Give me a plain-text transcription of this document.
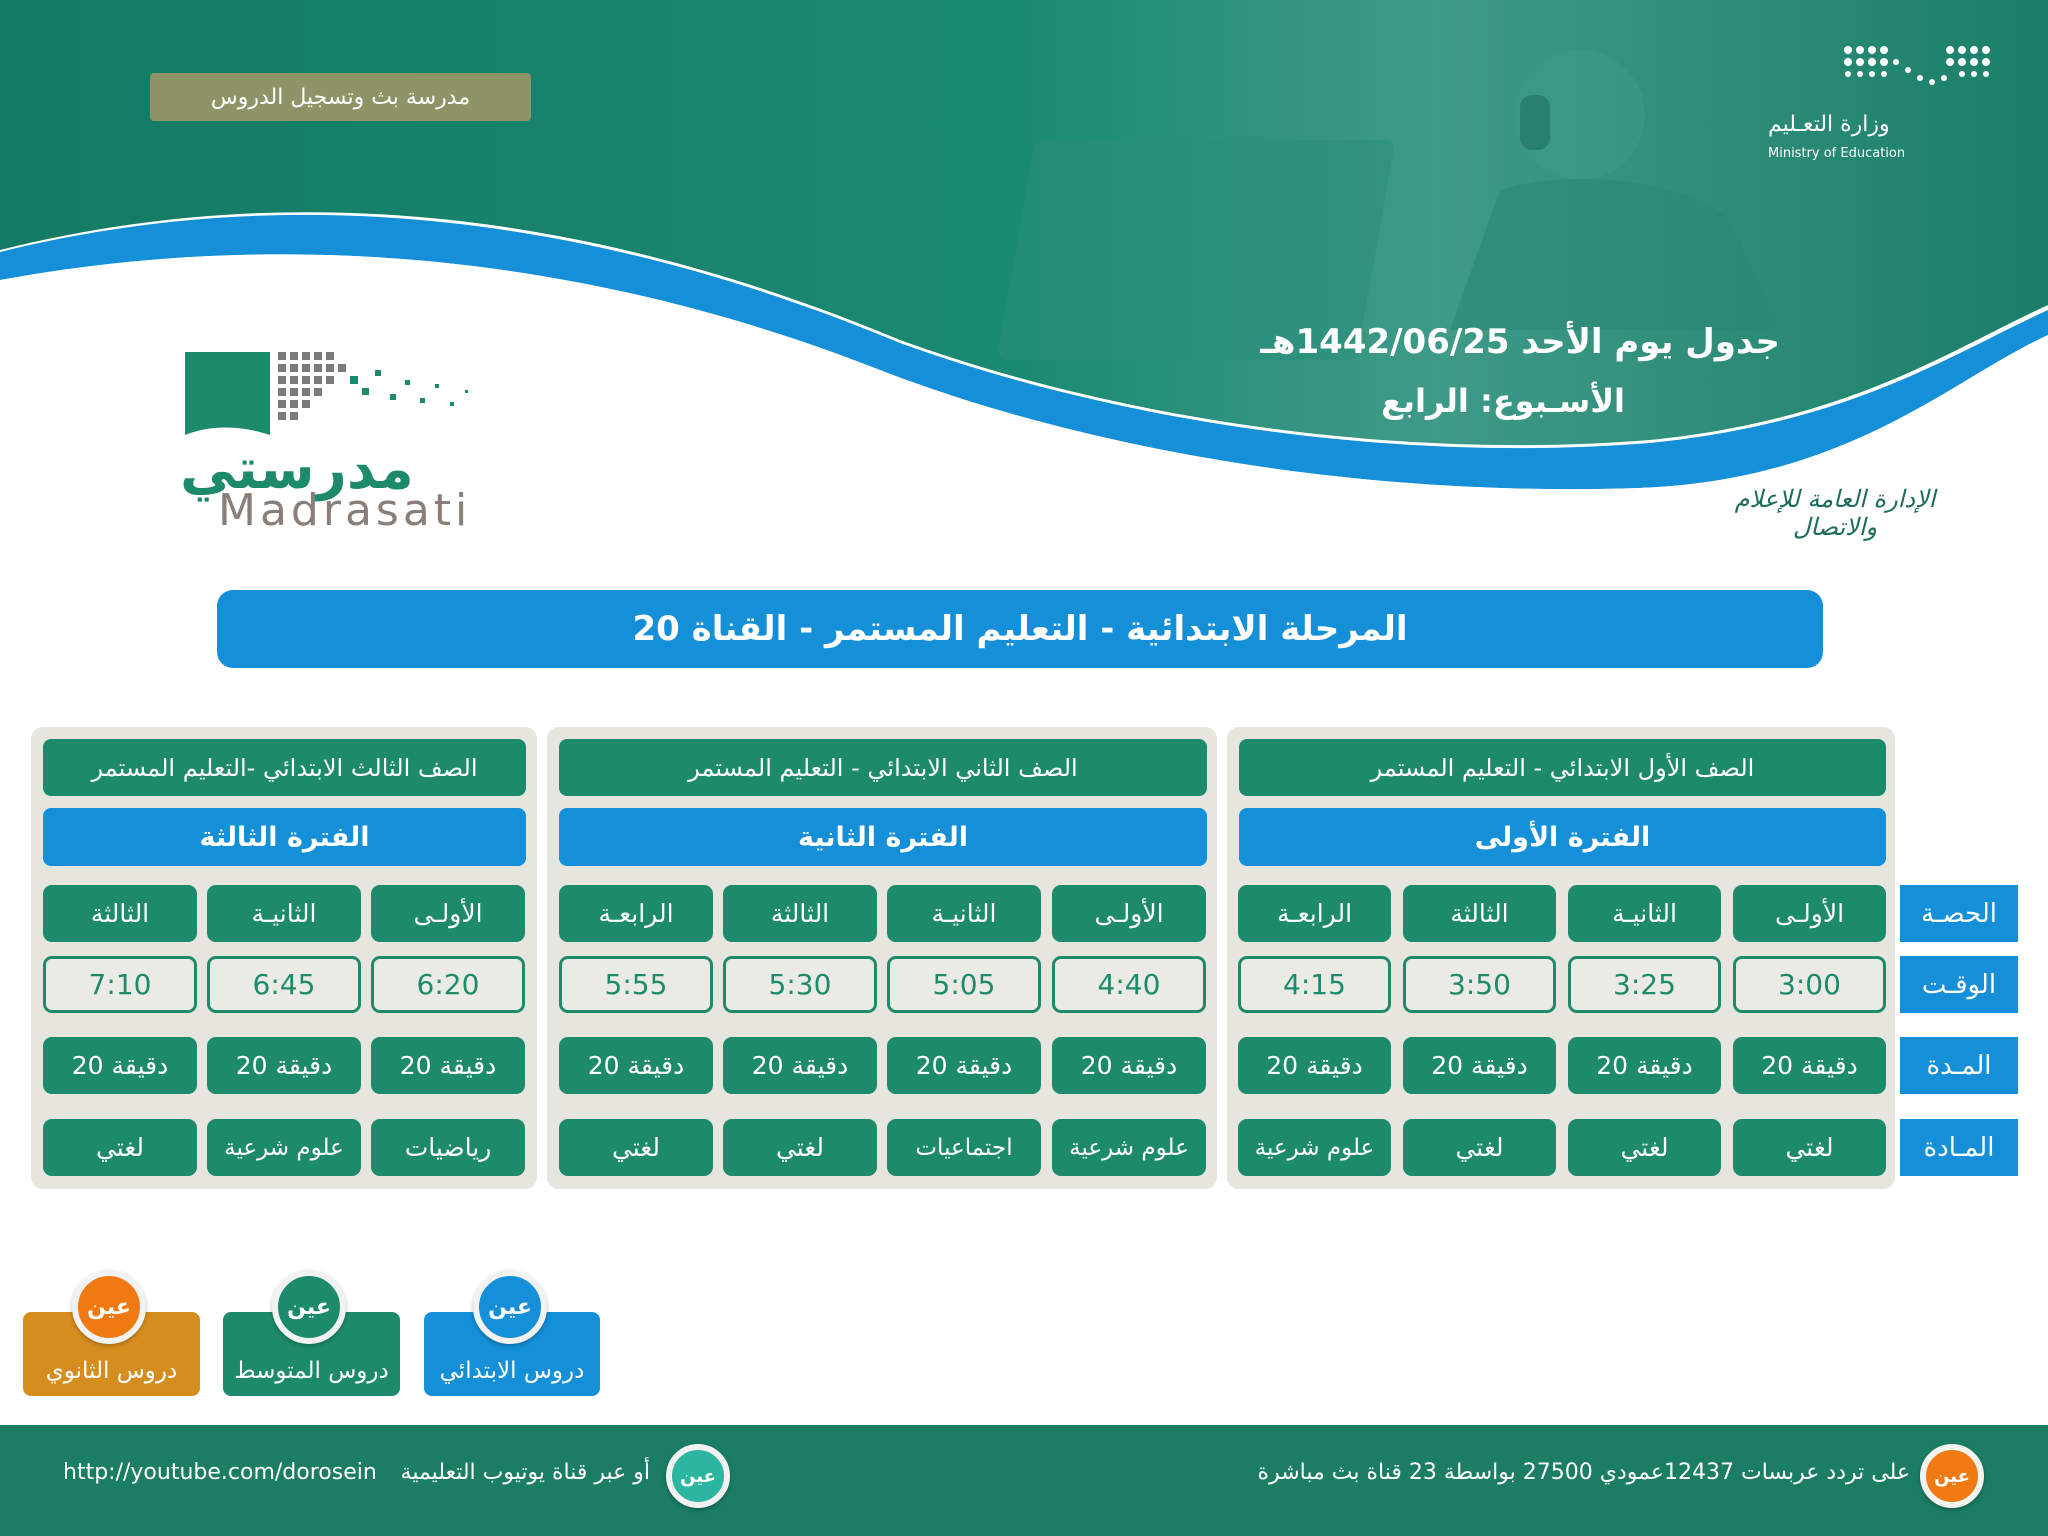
وزارة التعـليم
Ministry of Education
مدرسة بث وتسجيل الدروس
جدول يوم الأحد 1442/06/25هـ
الأسـبوع: الرابع
الإدارة العامة للإعلام والاتصال
مدرستي
Madrasati
المرحلة الابتدائية - التعليم المستمر - القناة 20
الصف الأول الابتدائي - التعليم المستمر
الفترة الأولى
الصف الثاني الابتدائي - التعليم المستمر
الفترة الثانية
الصف الثالث الابتدائي -التعليم المستمر
الفترة الثالثة
الحصـة
الوقـت
المـدة
المـادة
الأولـى
الثانيـة
الثالثة
الرابعـة
3:00
3:25
3:50
4:15
20 دقيقة
20 دقيقة
20 دقيقة
20 دقيقة
لغتي
لغتي
لغتي
علوم شرعية
الأولـى
الثانيـة
الثالثة
الرابعـة
4:40
5:05
5:30
5:55
20 دقيقة
20 دقيقة
20 دقيقة
20 دقيقة
علوم شرعية
اجتماعيات
لغتي
لغتي
الأولـى
الثانيـة
الثالثة
6:20
6:45
7:10
20 دقيقة
20 دقيقة
20 دقيقة
رياضيات
علوم شرعية
لغتي
دروس الابتدائي
عين
دروس المتوسط
عين
دروس الثانوي
عين
عين
على تردد عربسات 12437عمودي 27500 بواسطة 23 قناة بث مباشرة
عين
أو عبر قناة يوتيوب التعليمية
http://youtube.com/dorosein
